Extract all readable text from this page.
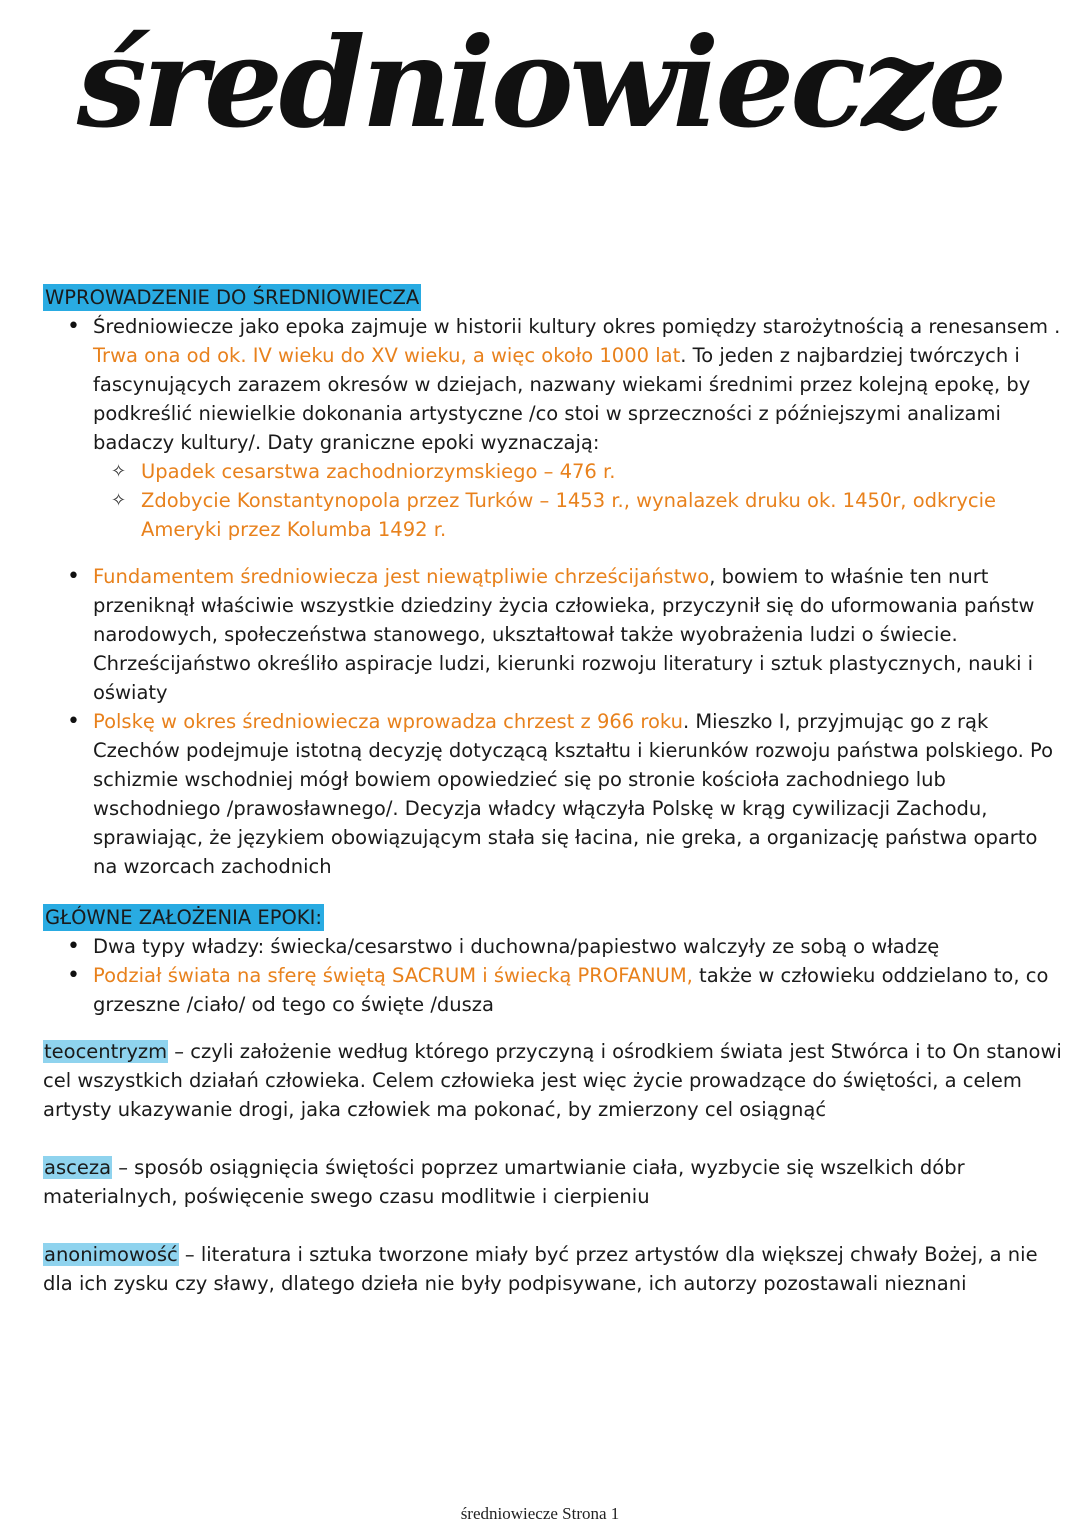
średniowiecze
WPROWADZENIE DO ŚREDNIOWIECZA
• Średniowiecze jako epoka zajmuje w historii kultury okres pomiędzy starożytnością a renesansem . Trwa ona od ok. IV wieku do XV wieku, a więc około 1000 lat. To jeden z najbardziej twórczych i fascynujących zarazem okresów w dziejach, nazwany wiekami średnimi przez kolejną epokę, by podkreślić niewielkie dokonania artystyczne /co stoi w sprzeczności z późniejszymi analizami badaczy kultury/. Daty graniczne epoki wyznaczają:
✧ Upadek cesarstwa zachodniorzymskiego – 476 r.
✧ Zdobycie Konstantynopola przez Turków – 1453 r., wynalazek druku ok. 1450r, odkrycie Ameryki przez Kolumba 1492 r.
• Fundamentem średniowiecza jest niewątpliwie chrześcijaństwo, bowiem to właśnie ten nurt przeniknął właściwie wszystkie dziedziny życia człowieka, przyczynił się do uformowania państw narodowych, społeczeństwa stanowego, ukształtował także wyobrażenia ludzi o świecie. Chrześcijaństwo określiło aspiracje ludzi, kierunki rozwoju literatury i sztuk plastycznych, nauki i oświaty
• Polskę w okres średniowiecza wprowadza chrzest z 966 roku. Mieszko I, przyjmując go z rąk Czechów podejmuje istotną decyzję dotyczącą kształtu i kierunków rozwoju państwa polskiego. Po schizmie wschodniej mógł bowiem opowiedzieć się po stronie kościoła zachodniego lub wschodniego /prawosławnego/. Decyzja władcy włączyła Polskę w krąg cywilizacji Zachodu, sprawiając, że językiem obowiązującym stała się łacina, nie greka, a organizację państwa oparto na wzorcach zachodnich
GŁÓWNE ZAŁOŻENIA EPOKI:
• Dwa typy władzy: świecka/cesarstwo i duchowna/papiestwo walczyły ze sobą o władzę
• Podział świata na sferę świętą SACRUM i świecką PROFANUM, także w człowieku oddzielano to, co grzeszne /ciało/ od tego co święte /dusza

teocentryzm – czyli założenie według którego przyczyną i ośrodkiem świata jest Stwórca i to On stanowi cel wszystkich działań człowieka. Celem człowieka jest więc życie prowadzące do świętości, a celem artysty ukazywanie drogi, jaka człowiek ma pokonać, by zmierzony cel osiągnąć

asceza – sposób osiągnięcia świętości poprzez umartwianie ciała, wyzbycie się wszelkich dóbr materialnych, poświęcenie swego czasu modlitwie i cierpieniu

anonimowość – literatura i sztuka tworzone miały być przez artystów dla większej chwały Bożej, a nie dla ich zysku czy sławy, dlatego dzieła nie były podpisywane, ich autorzy pozostawali nieznani

średniowiecze Strona 1
